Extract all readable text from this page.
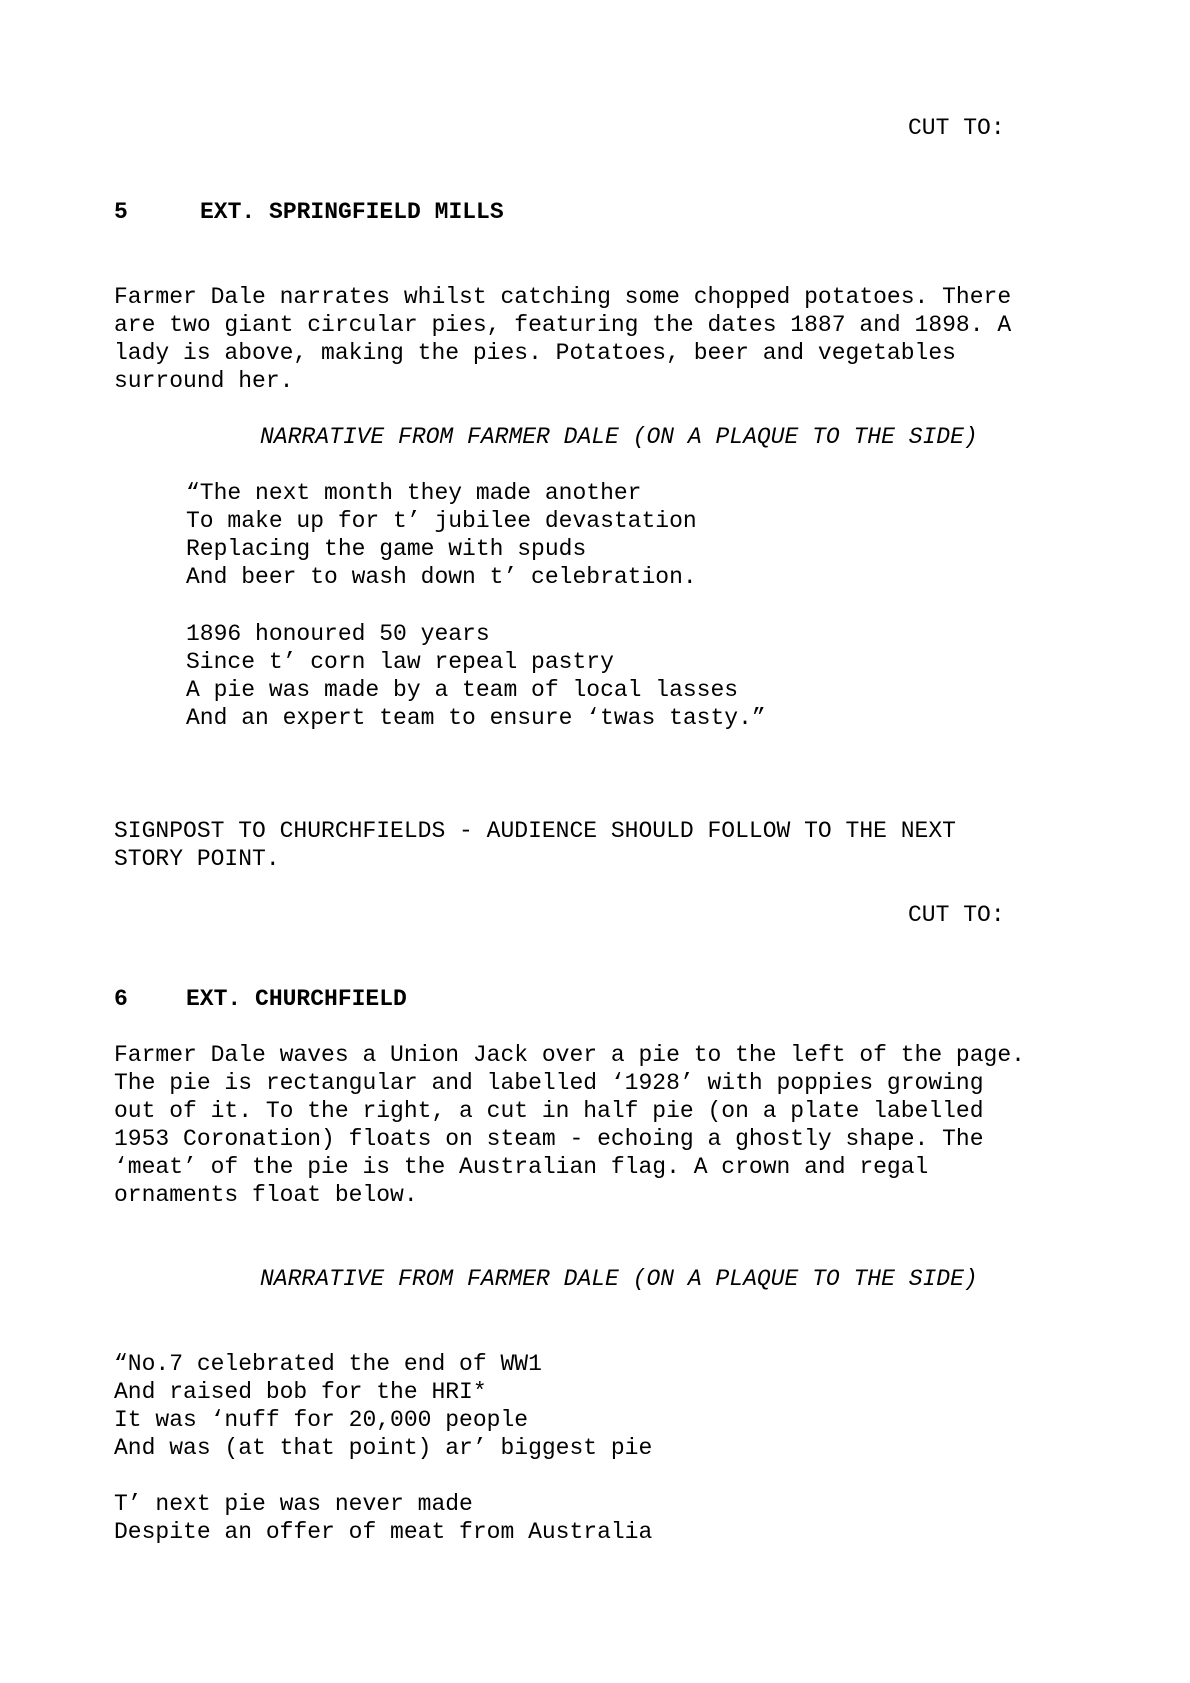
CUT TO:
5	EXT. SPRINGFIELD MILLS
Farmer Dale narrates whilst catching some chopped potatoes. There
are two giant circular pies, featuring the dates 1887 and 1898. A
lady is above, making the pies. Potatoes, beer and vegetables
surround her.
NARRATIVE FROM FARMER DALE (ON A PLAQUE TO THE SIDE)
“The next month they made another
To make up for t’ jubilee devastation
Replacing the game with spuds
And beer to wash down t’ celebration.
1896 honoured 50 years
Since t’ corn law repeal pastry
A pie was made by a team of local lasses
And an expert team to ensure ‘twas tasty.”
SIGNPOST TO CHURCHFIELDS - AUDIENCE SHOULD FOLLOW TO THE NEXT
STORY POINT.
CUT TO:
6	EXT. CHURCHFIELD
Farmer Dale waves a Union Jack over a pie to the left of the page.
The pie is rectangular and labelled ‘1928’ with poppies growing
out of it. To the right, a cut in half pie (on a plate labelled
1953 Coronation) floats on steam - echoing a ghostly shape. The
‘meat’ of the pie is the Australian flag. A crown and regal
ornaments float below.
NARRATIVE FROM FARMER DALE (ON A PLAQUE TO THE SIDE)
“No.7 celebrated the end of WW1
And raised bob for the HRI*
It was ‘nuff for 20,000 people
And was (at that point) ar’ biggest pie
T’ next pie was never made
Despite an offer of meat from Australia
